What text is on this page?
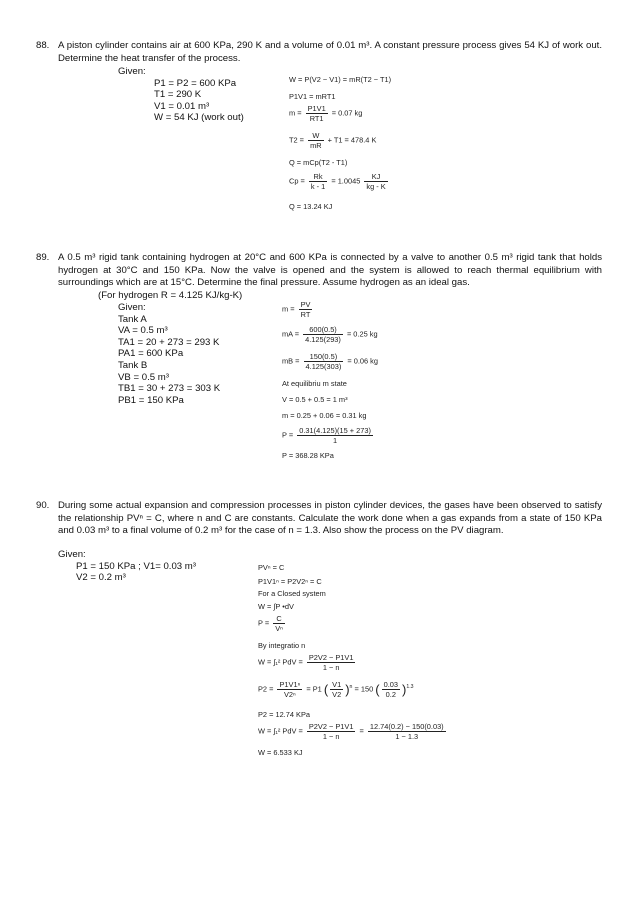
88. A piston cylinder contains air at 600 KPa, 290 K and a volume of 0.01 m³. A constant pressure process gives 54 KJ of work out. Determine the heat transfer of the process.
Given:
P1 = P2 = 600 KPa
T1 = 290 K
V1 = 0.01 m³
W = 54 KJ (work out)
W = P(V2 − V1) = mR(T2 − T1)
P1V1 = mRT1
$m = \frac{P1V1}{RT1} = 0.07$ kg
$T2 = \frac{W}{mR} + T1 = 478.4$ K
Q = mCp(T2 - T1)
$Cp = \frac{Rk}{k - 1} = 1.0045 \frac{KJ}{kg - K}$
Q = 13.24 KJ
89. A 0.5 m³ rigid tank containing hydrogen at 20°C and 600 KPa is connected by a valve to another 0.5 m³ rigid tank that holds hydrogen at 30°C and 150 KPa. Now the valve is opened and the system is allowed to reach thermal equilibrium with surroundings which are at 15°C. Determine the final pressure. Assume hydrogen as an ideal gas.
(For hydrogen R = 4.125 KJ/kg-K)
Given:
Tank A
VA = 0.5 m³
TA1 = 20 + 273 = 293 K
PA1 = 600 KPa
Tank B
VB = 0.5 m³
TB1 = 30 + 273 = 303 K
PB1 = 150 KPa
$m = \frac{PV}{RT}$
mA = $\frac{600(0.5)}{4.125(293)} = 0.25$ kg
mB = $\frac{150(0.5)}{4.125(303)} = 0.06$ kg
At equilibriu m state
V = 0.5 + 0.5 = 1 m³
m = 0.25 + 0.06 = 0.31 kg
$P = \frac{0.31(4.125)(15 + 273)}{1}$
P = 368.28 KPa
90. During some actual expansion and compression processes in piston cylinder devices, the gases have been observed to satisfy the relationship PVⁿ = C, where n and C are constants. Calculate the work done when a gas expands from a state of 150 KPa and 0.03 m³ to a final volume of 0.2 m³ for the case of n = 1.3. Also show the process on the PV diagram.
Given:
P1 = 150 KPa ; V1= 0.03 m³
V2 = 0.2 m³
PVⁿ = C
P1V1ⁿ = P2V2ⁿ = C
For a Closed system
W = ∫P •dV
$P = \frac{C}{\text{Vⁿ}}$
By integratio n
W = ∫₁² PdV = $\frac{P2V2 - P1V1}{1 - n}$
$P2 = \frac{\text{P1V1ⁿ}}{\text{V2ⁿ}} = P1$ ( $\frac{V1}{V2} )^n = 150$ ( $\frac{0.03}{0.2} )^{1.3}$
P2 = 12.74 KPa
W = ∫₁² PdV = $\frac{P2V2 - P1V1}{1 - n} = \frac{12.74(0.2) - 150(0.03)}{1 - 1.3}$
W = 6.533 KJ
